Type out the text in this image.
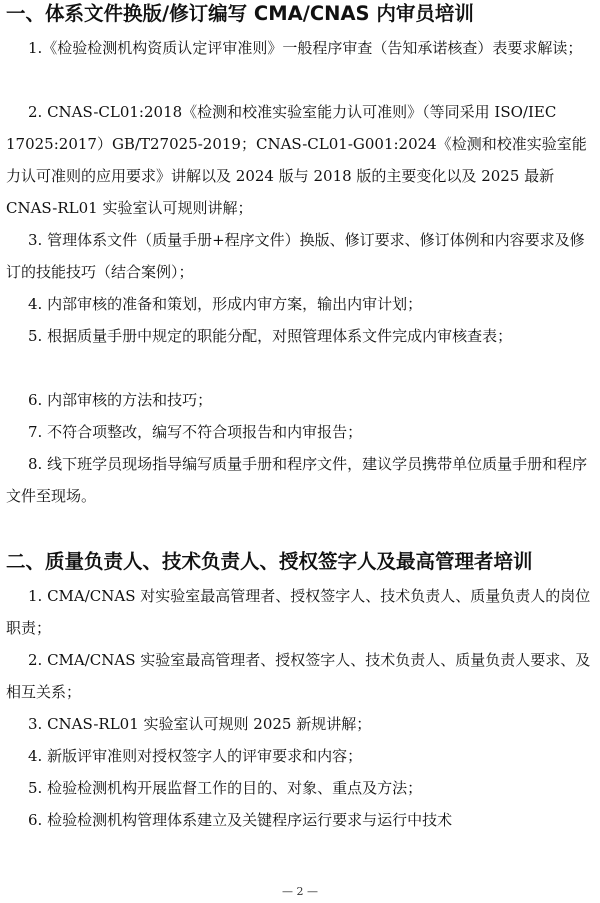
一、体系文件换版/修订编写 CMA/CNAS 内审员培训
1.《检验检测机构资质认定评审准则》一般程序审查（告知承诺核查）表要求解读；
2. CNAS-CL01:2018《检测和校准实验室能力认可准则》（等同采用 ISO/IEC 17025:2017）GB/T27025-2019；CNAS-CL01-G001:2024《检测和校准实验室能力认可准则的应用要求》讲解以及 2024 版与 2018 版的主要变化以及 2025 最新 CNAS-RL01 实验室认可规则讲解；
3. 管理体系文件（质量手册+程序文件）换版、修订要求、修订体例和内容要求及修订的技能技巧（结合案例）；
4. 内部审核的准备和策划，形成内审方案，输出内审计划；
5. 根据质量手册中规定的职能分配，对照管理体系文件完成内审核查表；
6. 内部审核的方法和技巧；
7. 不符合项整改，编写不符合项报告和内审报告；
8. 线下班学员现场指导编写质量手册和程序文件，建议学员携带单位质量手册和程序文件至现场。
二、质量负责人、技术负责人、授权签字人及最高管理者培训
1. CMA/CNAS 对实验室最高管理者、授权签字人、技术负责人、质量负责人的岗位职责；
2. CMA/CNAS 实验室最高管理者、授权签字人、技术负责人、质量负责人要求、及相互关系；
3. CNAS-RL01 实验室认可规则 2025 新规讲解；
4. 新版评审准则对授权签字人的评审要求和内容；
5. 检验检测机构开展监督工作的目的、对象、重点及方法；
6. 检验检测机构管理体系建立及关键程序运行要求与运行中技术
— 2 —
